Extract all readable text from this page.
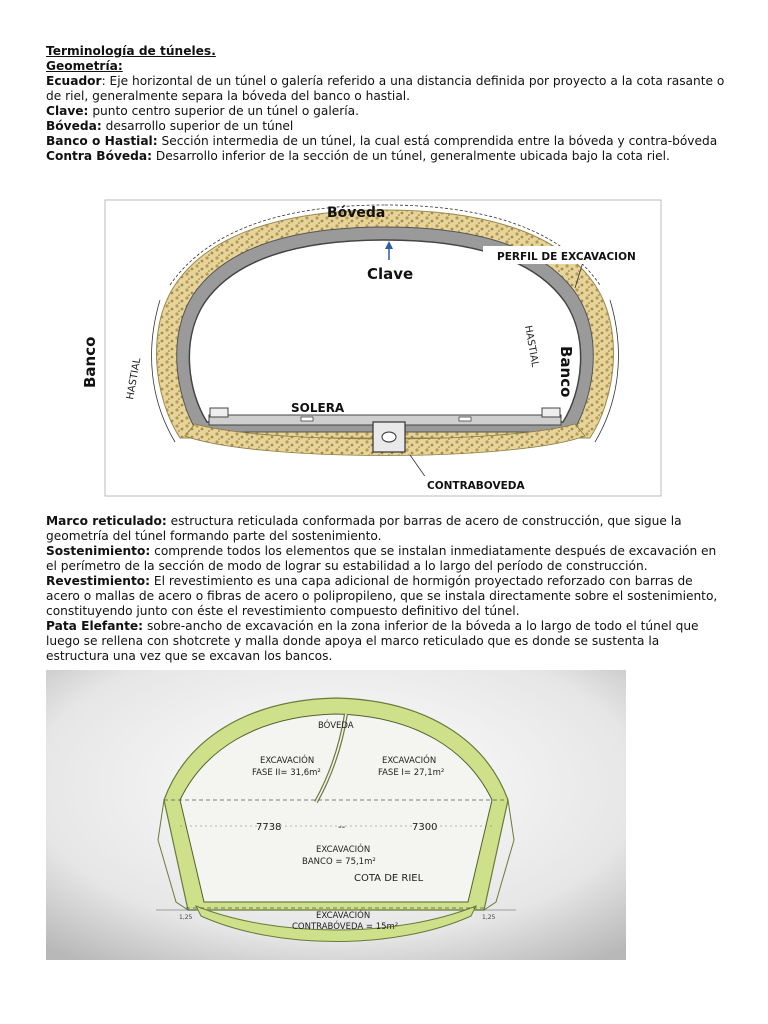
Terminología de túneles.

Geometría:

Ecuador: Eje horizontal de un túnel o galería referido a una distancia definida por proyecto a la cota rasante o de riel, generalmente separa la bóveda del banco o hastial.

Clave: punto centro superior de un túnel o galería.

Bóveda: desarrollo superior de un túnel

Banco o Hastial: Sección intermedia de un túnel, la cual está comprendida entre la bóveda y contra-bóveda

Contra Bóveda: Desarrollo inferior de la sección de un túnel, generalmente ubicada bajo la cota riel.

Bóveda
Clave
PERFIL DE EXCAVACION
Banco	Banco
HASTIAL
HASTIAL
SOLERA
CONTRABOVEDA

Marco reticulado: estructura reticulada conformada por barras de acero de construcción, que sigue la geometría del túnel formando parte del sostenimiento.

Sostenimiento: comprende todos los elementos que se instalan inmediatamente después de excavación en el perímetro de la sección de modo de lograr su estabilidad a lo largo del período de construcción.

Revestimiento: El revestimiento es una capa adicional de hormigón proyectado reforzado con barras de acero o mallas de acero o fibras de acero o polipropileno, que se instala directamente sobre el sostenimiento, constituyendo junto con éste el revestimiento compuesto definitivo del túnel.

Pata Elefante: sobre-ancho de excavación en la zona inferior de la bóveda a lo largo de todo el túnel que luego se rellena con shotcrete y malla donde apoya el marco reticulado que es donde se sustenta la estructura una vez que se excavan los bancos.

BÓVEDA
EXCAVACIÓN
FASE II= 31,6m²
EXCAVACIÓN
FASE I= 27,1m²
7738	--	7300
EXCAVACIÓN
BANCO = 75,1m²
COTA DE RIEL
EXCAVACIÓN
CONTRABÓVEDA = 15m²
1,25	1,25
